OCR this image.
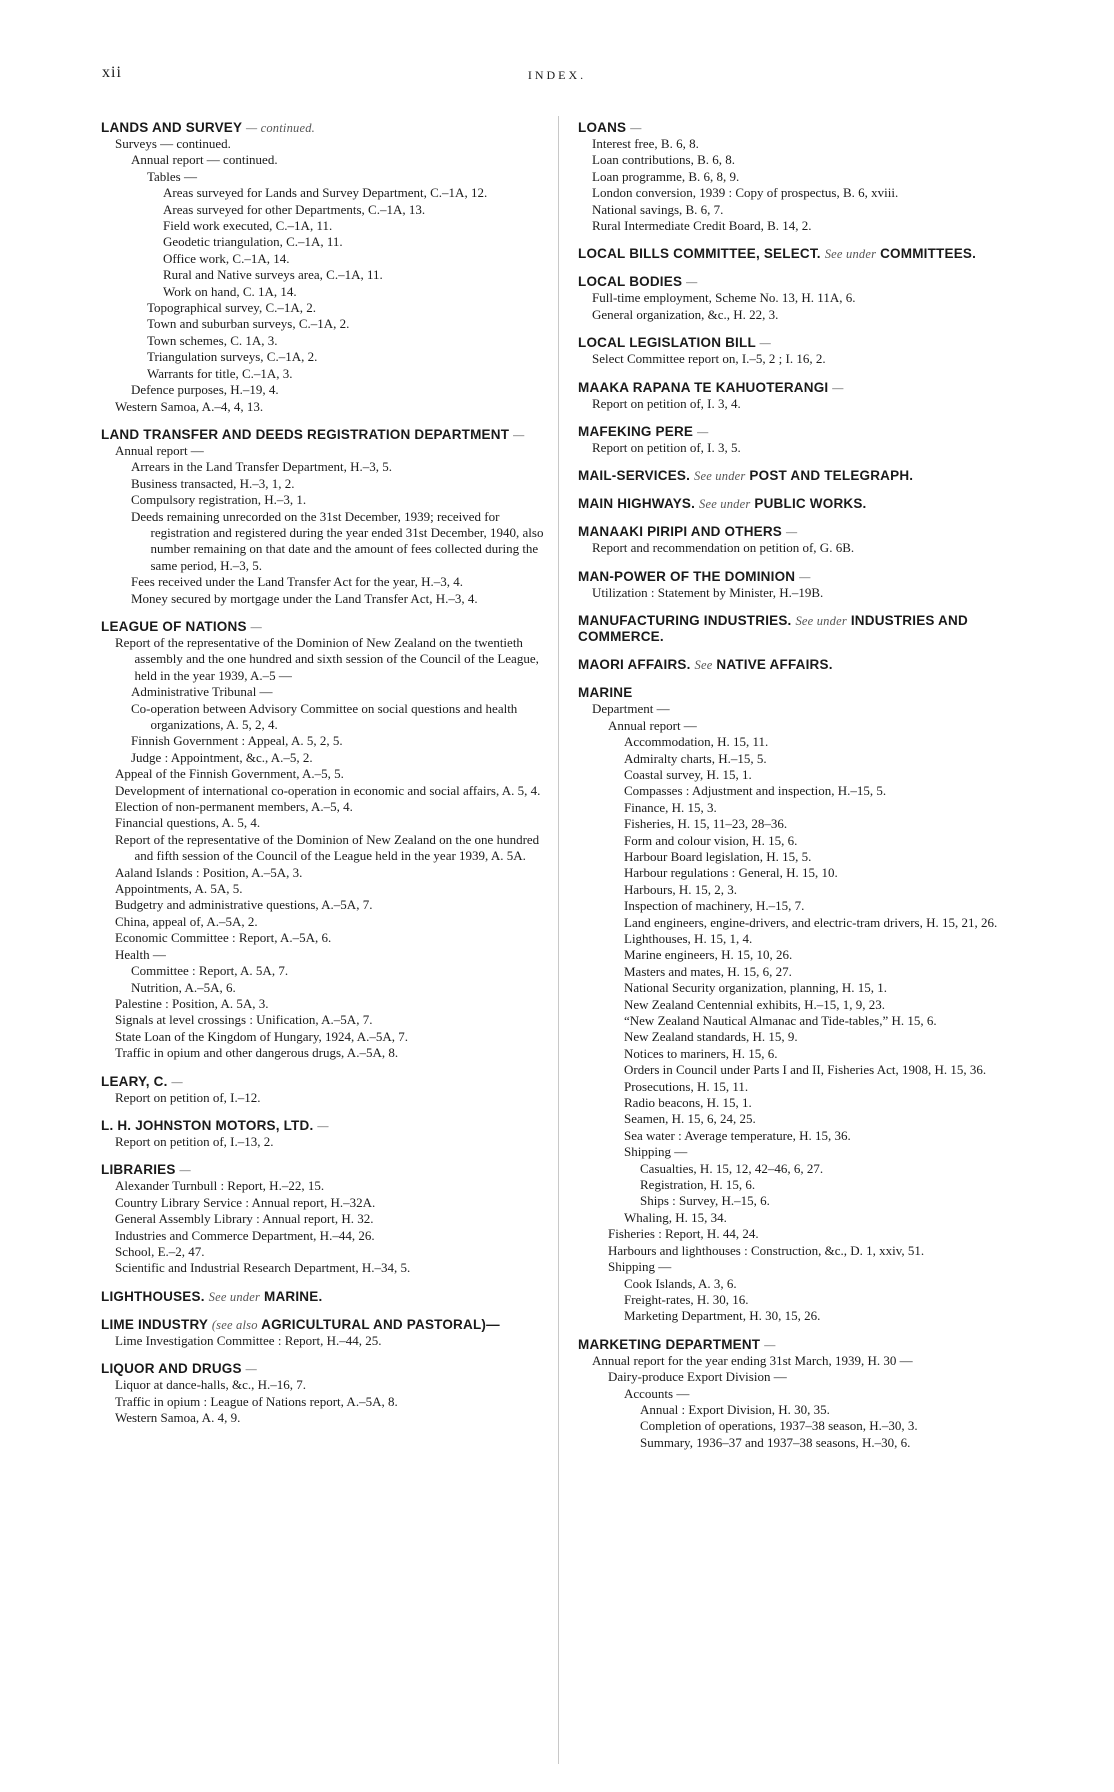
xii	INDEX.
LANDS AND SURVEY — continued.
Surveys — continued.
Annual report — continued.
Tables —
Areas surveyed for Lands and Survey Department, C.–1A, 12.
Areas surveyed for other Departments, C.–1A, 13.
Field work executed, C.–1A, 11.
Geodetic triangulation, C.–1A, 11.
Office work, C.–1A, 14.
Rural and Native surveys area, C.–1A, 11.
Work on hand, C. 1A, 14.
Topographical survey, C.–1A, 2.
Town and suburban surveys, C.–1A, 2.
Town schemes, C. 1A, 3.
Triangulation surveys, C.–1A, 2.
Warrants for title, C.–1A, 3.
Defence purposes, H.–19, 4.
Western Samoa, A.–4, 4, 13.
LAND TRANSFER AND DEEDS REGISTRATION DEPARTMENT —
Annual report —
Arrears in the Land Transfer Department, H.–3, 5.
Business transacted, H.–3, 1, 2.
Compulsory registration, H.–3, 1.
Deeds remaining unrecorded on the 31st December, 1939; received for registration and registered during the year ended 31st December, 1940, also number remaining on that date and the amount of fees collected during the same period, H.–3, 5.
Fees received under the Land Transfer Act for the year, H.–3, 4.
Money secured by mortgage under the Land Transfer Act, H.–3, 4.
LEAGUE OF NATIONS —
Report of the representative of the Dominion of New Zealand on the twentieth assembly and the one hundred and sixth session of the Council of the League, held in the year 1939, A.–5 —
Administrative Tribunal —
Co-operation between Advisory Committee on social questions and health organizations, A. 5, 2, 4.
Finnish Government : Appeal, A. 5, 2, 5.
Judge : Appointment, &c., A.–5, 2.
Appeal of the Finnish Government, A.–5, 5.
Development of international co-operation in economic and social affairs, A. 5, 4.
Election of non-permanent members, A.–5, 4.
Financial questions, A. 5, 4.
Report of the representative of the Dominion of New Zealand on the one hundred and fifth session of the Council of the League held in the year 1939, A. 5A.
Aaland Islands : Position, A.–5A, 3.
Appointments, A. 5A, 5.
Budgetry and administrative questions, A.–5A, 7.
China, appeal of, A.–5A, 2.
Economic Committee : Report, A.–5A, 6.
Health —
Committee : Report, A. 5A, 7.
Nutrition, A.–5A, 6.
Palestine : Position, A. 5A, 3.
Signals at level crossings : Unification, A.–5A, 7.
State Loan of the Kingdom of Hungary, 1924, A.–5A, 7.
Traffic in opium and other dangerous drugs, A.–5A, 8.
LEARY, C. —
Report on petition of, I.–12.
L. H. JOHNSTON MOTORS, LTD. —
Report on petition of, I.–13, 2.
LIBRARIES —
Alexander Turnbull : Report, H.–22, 15.
Country Library Service : Annual report, H.–32A.
General Assembly Library : Annual report, H. 32.
Industries and Commerce Department, H.–44, 26.
School, E.–2, 47.
Scientific and Industrial Research Department, H.–34, 5.
LIGHTHOUSES. See under MARINE.
LIME INDUSTRY (see also AGRICULTURAL AND PASTORAL)—
Lime Investigation Committee : Report, H.–44, 25.
LIQUOR AND DRUGS —
Liquor at dance-halls, &c., H.–16, 7.
Traffic in opium : League of Nations report, A.–5A, 8.
Western Samoa, A. 4, 9.
LOANS —
Interest free, B. 6, 8.
Loan contributions, B. 6, 8.
Loan programme, B. 6, 8, 9.
London conversion, 1939 : Copy of prospectus, B. 6, xviii.
National savings, B. 6, 7.
Rural Intermediate Credit Board, B. 14, 2.
LOCAL BILLS COMMITTEE, SELECT. See under COMMITTEES.
LOCAL BODIES —
Full-time employment, Scheme No. 13, H. 11A, 6.
General organization, &c., H. 22, 3.
LOCAL LEGISLATION BILL —
Select Committee report on, I.–5, 2 ; I. 16, 2.
MAAKA RAPANA TE KAHUOTERANGI —
Report on petition of, I. 3, 4.
MAFEKING PERE —
Report on petition of, I. 3, 5.
MAIL-SERVICES. See under POST AND TELEGRAPH.
MAIN HIGHWAYS. See under PUBLIC WORKS.
MANAAKI PIRIPI AND OTHERS —
Report and recommendation on petition of, G. 6B.
MAN-POWER OF THE DOMINION —
Utilization : Statement by Minister, H.–19B.
MANUFACTURING INDUSTRIES. See under INDUSTRIES AND COMMERCE.
MAORI AFFAIRS. See NATIVE AFFAIRS.
MARINE
Department —
Annual report —
Accommodation, H. 15, 11.
Admiralty charts, H.–15, 5.
Coastal survey, H. 15, 1.
Compasses : Adjustment and inspection, H.–15, 5.
Finance, H. 15, 3.
Fisheries, H. 15, 11–23, 28–36.
Form and colour vision, H. 15, 6.
Harbour Board legislation, H. 15, 5.
Harbour regulations : General, H. 15, 10.
Harbours, H. 15, 2, 3.
Inspection of machinery, H.–15, 7.
Land engineers, engine-drivers, and electric-tram drivers, H. 15, 21, 26.
Lighthouses, H. 15, 1, 4.
Marine engineers, H. 15, 10, 26.
Masters and mates, H. 15, 6, 27.
National Security organization, planning, H. 15, 1.
New Zealand Centennial exhibits, H.–15, 1, 9, 23.
“New Zealand Nautical Almanac and Tide-tables,” H. 15, 6.
New Zealand standards, H. 15, 9.
Notices to mariners, H. 15, 6.
Orders in Council under Parts I and II, Fisheries Act, 1908, H. 15, 36.
Prosecutions, H. 15, 11.
Radio beacons, H. 15, 1.
Seamen, H. 15, 6, 24, 25.
Sea water : Average temperature, H. 15, 36.
Shipping —
Casualties, H. 15, 12, 42–46, 6, 27.
Registration, H. 15, 6.
Ships : Survey, H.–15, 6.
Whaling, H. 15, 34.
Fisheries : Report, H. 44, 24.
Harbours and lighthouses : Construction, &c., D. 1, xxiv, 51.
Shipping —
Cook Islands, A. 3, 6.
Freight-rates, H. 30, 16.
Marketing Department, H. 30, 15, 26.
MARKETING DEPARTMENT —
Annual report for the year ending 31st March, 1939, H. 30 —
Dairy-produce Export Division —
Accounts —
Annual : Export Division, H. 30, 35.
Completion of operations, 1937–38 season, H.–30, 3.
Summary, 1936–37 and 1937–38 seasons, H.–30, 6.
